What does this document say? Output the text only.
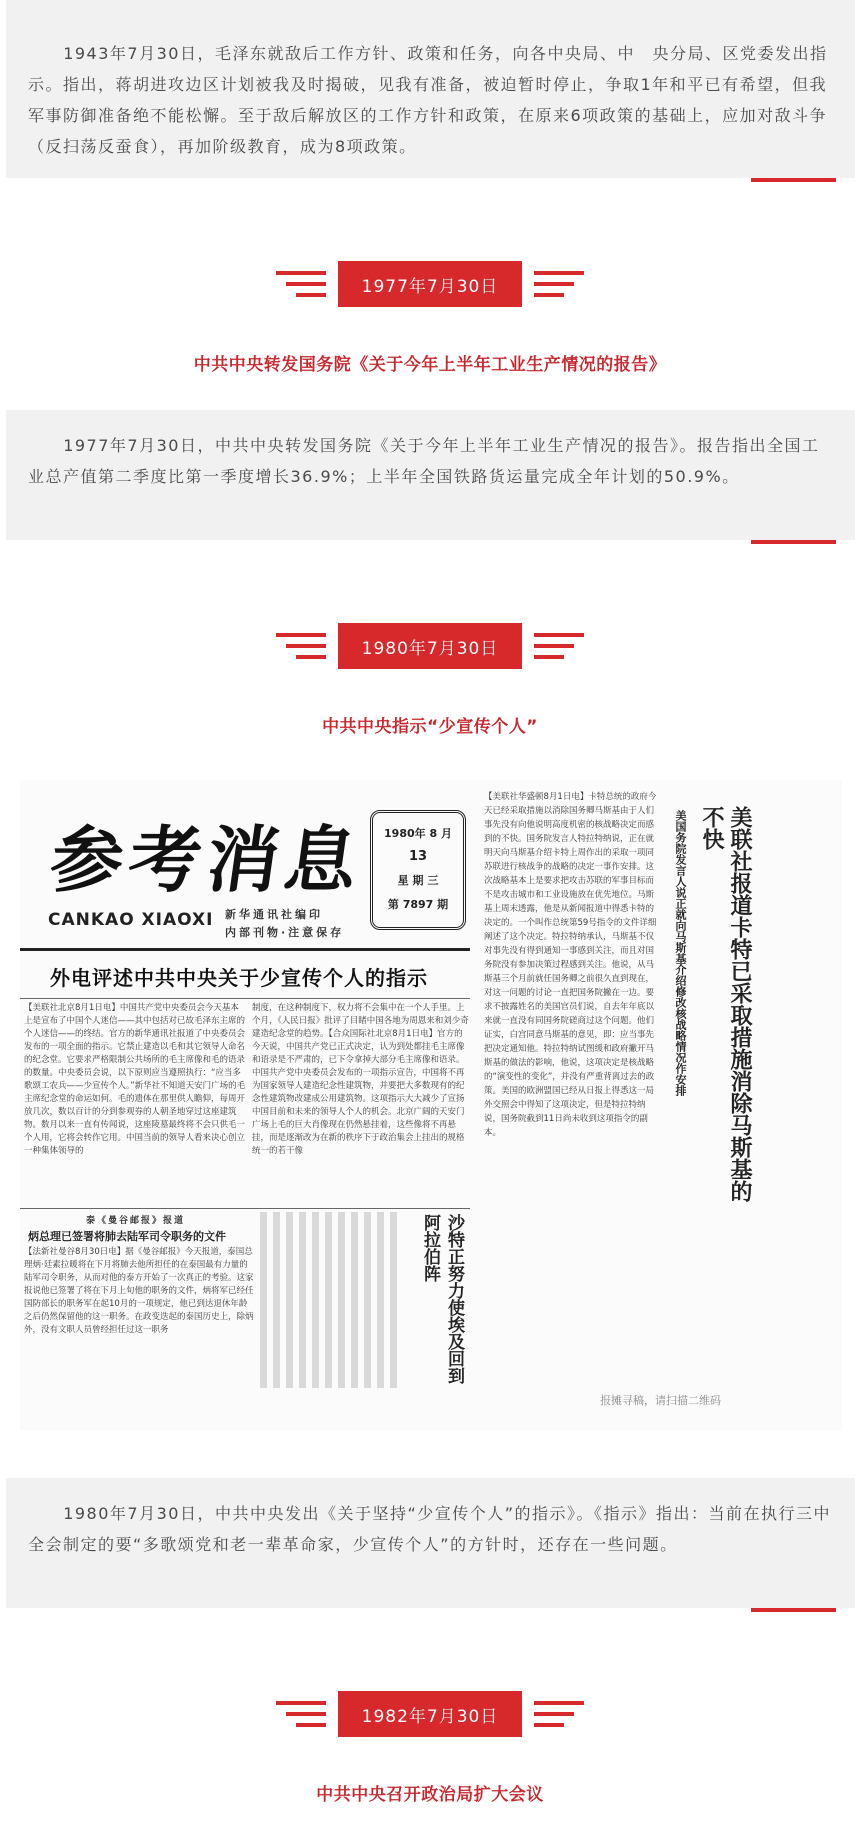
1943年7月30日，毛泽东就敌后工作方针、政策和任务，向各中央局、中　央分局、区党委发出指示。指出，蒋胡进攻边区计划被我及时揭破，见我有准备，被迫暂时停止，争取1年和平已有希望，但我军事防御准备绝不能松懈。至于敌后解放区的工作方针和政策，在原来6项政策的基础上，应加对敌斗争（反扫荡反蚕食），再加阶级教育，成为8项政策。

1977年7月30日
中共中央转发国务院《关于今年上半年工业生产情况的报告》

1977年7月30日，中共中央转发国务院《关于今年上半年工业生产情况的报告》。报告指出全国工业总产值第二季度比第一季度增长36.9%；上半年全国铁路货运量完成全年计划的50.9%。

1980年7月30日
中共中央指示“少宣传个人”
参考消息
CANKAO XIAOXI 新华通讯社编印
内部刊物·注意保存
1980年 8 月
13
星 期 三
第 7897 期
外电评述中共中央关于少宣传个人的指示
【美联社北京8月1日电】中国共产党中央委员会今天基本上是宣布了中国个人迷信——其中包括对已故毛泽东主席的个人迷信——的终结。官方的新华通讯社报道了中央委员会发布的一项全面的指示。它禁止建造以毛和其它领导人命名的纪念堂。它要求严格限制公共场所的毛主席像和毛的语录的数量。中央委员会说，以下原则应当遵照执行：“应当多歌颂工农兵——少宣传个人。”新华社不知道天安门广场的毛主席纪念堂的命运如何。毛的遗体在那里供人瞻仰，每周开放几次，数以百计的分到参观券的人朝圣地穿过这座建筑物。数月以来一直有传闻说，这座陵墓最终将不会只供毛一个人用，它将会转作它用。中国当前的领导人看来决心创立一种集体领导的
制度，在这种制度下，权力将不会集中在一个人手里。上个月，《人民日报》批评了目睹中国各地为周恩来和刘少奇建造纪念堂的趋势。【合众国际社北京8月1日电】官方的今天说，中国共产党已正式决定，认为到处都挂毛主席像和语录是不严肃的，已下令拿掉大部分毛主席像和语录。中国共产党中央委员会发布的一项指示宣告，中国将不再为国家领导人建造纪念性建筑物，并要把大多数现有的纪念性建筑物改建成公用建筑物。这项指示大大减少了宣扬中国目前和未来的领导人个人的机会。北京广阔的天安门广场上毛的巨大肖像现在仍然悬挂着，这些像将不再悬挂，而是逐渐改为在新的秩序下于政治集会上挂出的规格统一的若干像
泰《曼谷邮报》报道
炳总理已签署将肺去陆军司令职务的文件
【法新社曼谷8月30日电】据《曼谷邮报》今天报道，泰国总理炳·廷素拉暖将在下月将肺去他所担任的在泰国最有力量的陆军司令职务，从而对他的泰方开始了一次真正的考验。这家报说他已签署了将在下月上旬他的职务的文件，炳将军已经任国防部长的职务军在起10月的一项规定，他已到达退休年龄之后仍然保留他的这一职务。在政变迭起的泰国历史上，除炳外，没有文职人员曾经担任过这一职务	沙特正努力使埃及回到阿拉伯阵
【美联社华盛顿8月1日电】卡特总统的政府今天已经采取措施以消除国务卿马斯基由于人们事先没有向他说明高度机密的核战略决定而感到的不快。国务院发言人特拉特纳说，正在就明天向马斯基介绍卡特上周作出的采取一项同苏联进行核战争的战略的决定一事作安排。这次战略基本上是要求把攻击苏联的军事目标而不是攻击城市和工业设施放在优先地位。马斯基上周末透露，他是从新闻报道中得悉卡特的决定的。一个叫作总统第59号指令的文件详细阐述了这个决定。特拉特纳承认，马斯基不仅对事先没有得到通知一事感到关注，而且对国务院没有参加决策过程感到关注。他说，从马斯基三个月前就任国务卿之前很久直到现在，对这一问题的讨论一直把国务院撇在一边。要求不披露姓名的美国官员们说，自去年年底以来就一直没有同国务院磋商过这个问题。他们证实，白宫同意马斯基的意见，即：应当事先把决定通知他。特拉特纳试图缓和政府撇开马斯基的做法的影响，他说，这项决定是核战略的“演变性的变化”，并没有严重背离过去的政策。美国的欧洲盟国已经从日报上得悉这一局外交照会中得知了这项决定，但是特拉特纳说，国务院截到11日尚未收到这项指令的副本。
美国务院发言人说正就向马斯基介绍修改核战略情况作安排	美联社报道卡特已采取措施消除马斯基的不快
报摊寻稿，请扫描二维码

1980年7月30日，中共中央发出《关于坚持“少宣传个人”的指示》。《指示》指出：当前在执行三中全会制定的要“多歌颂党和老一辈革命家，少宣传个人”的方针时，还存在一些问题。

1982年7月30日
中共中央召开政治局扩大会议
